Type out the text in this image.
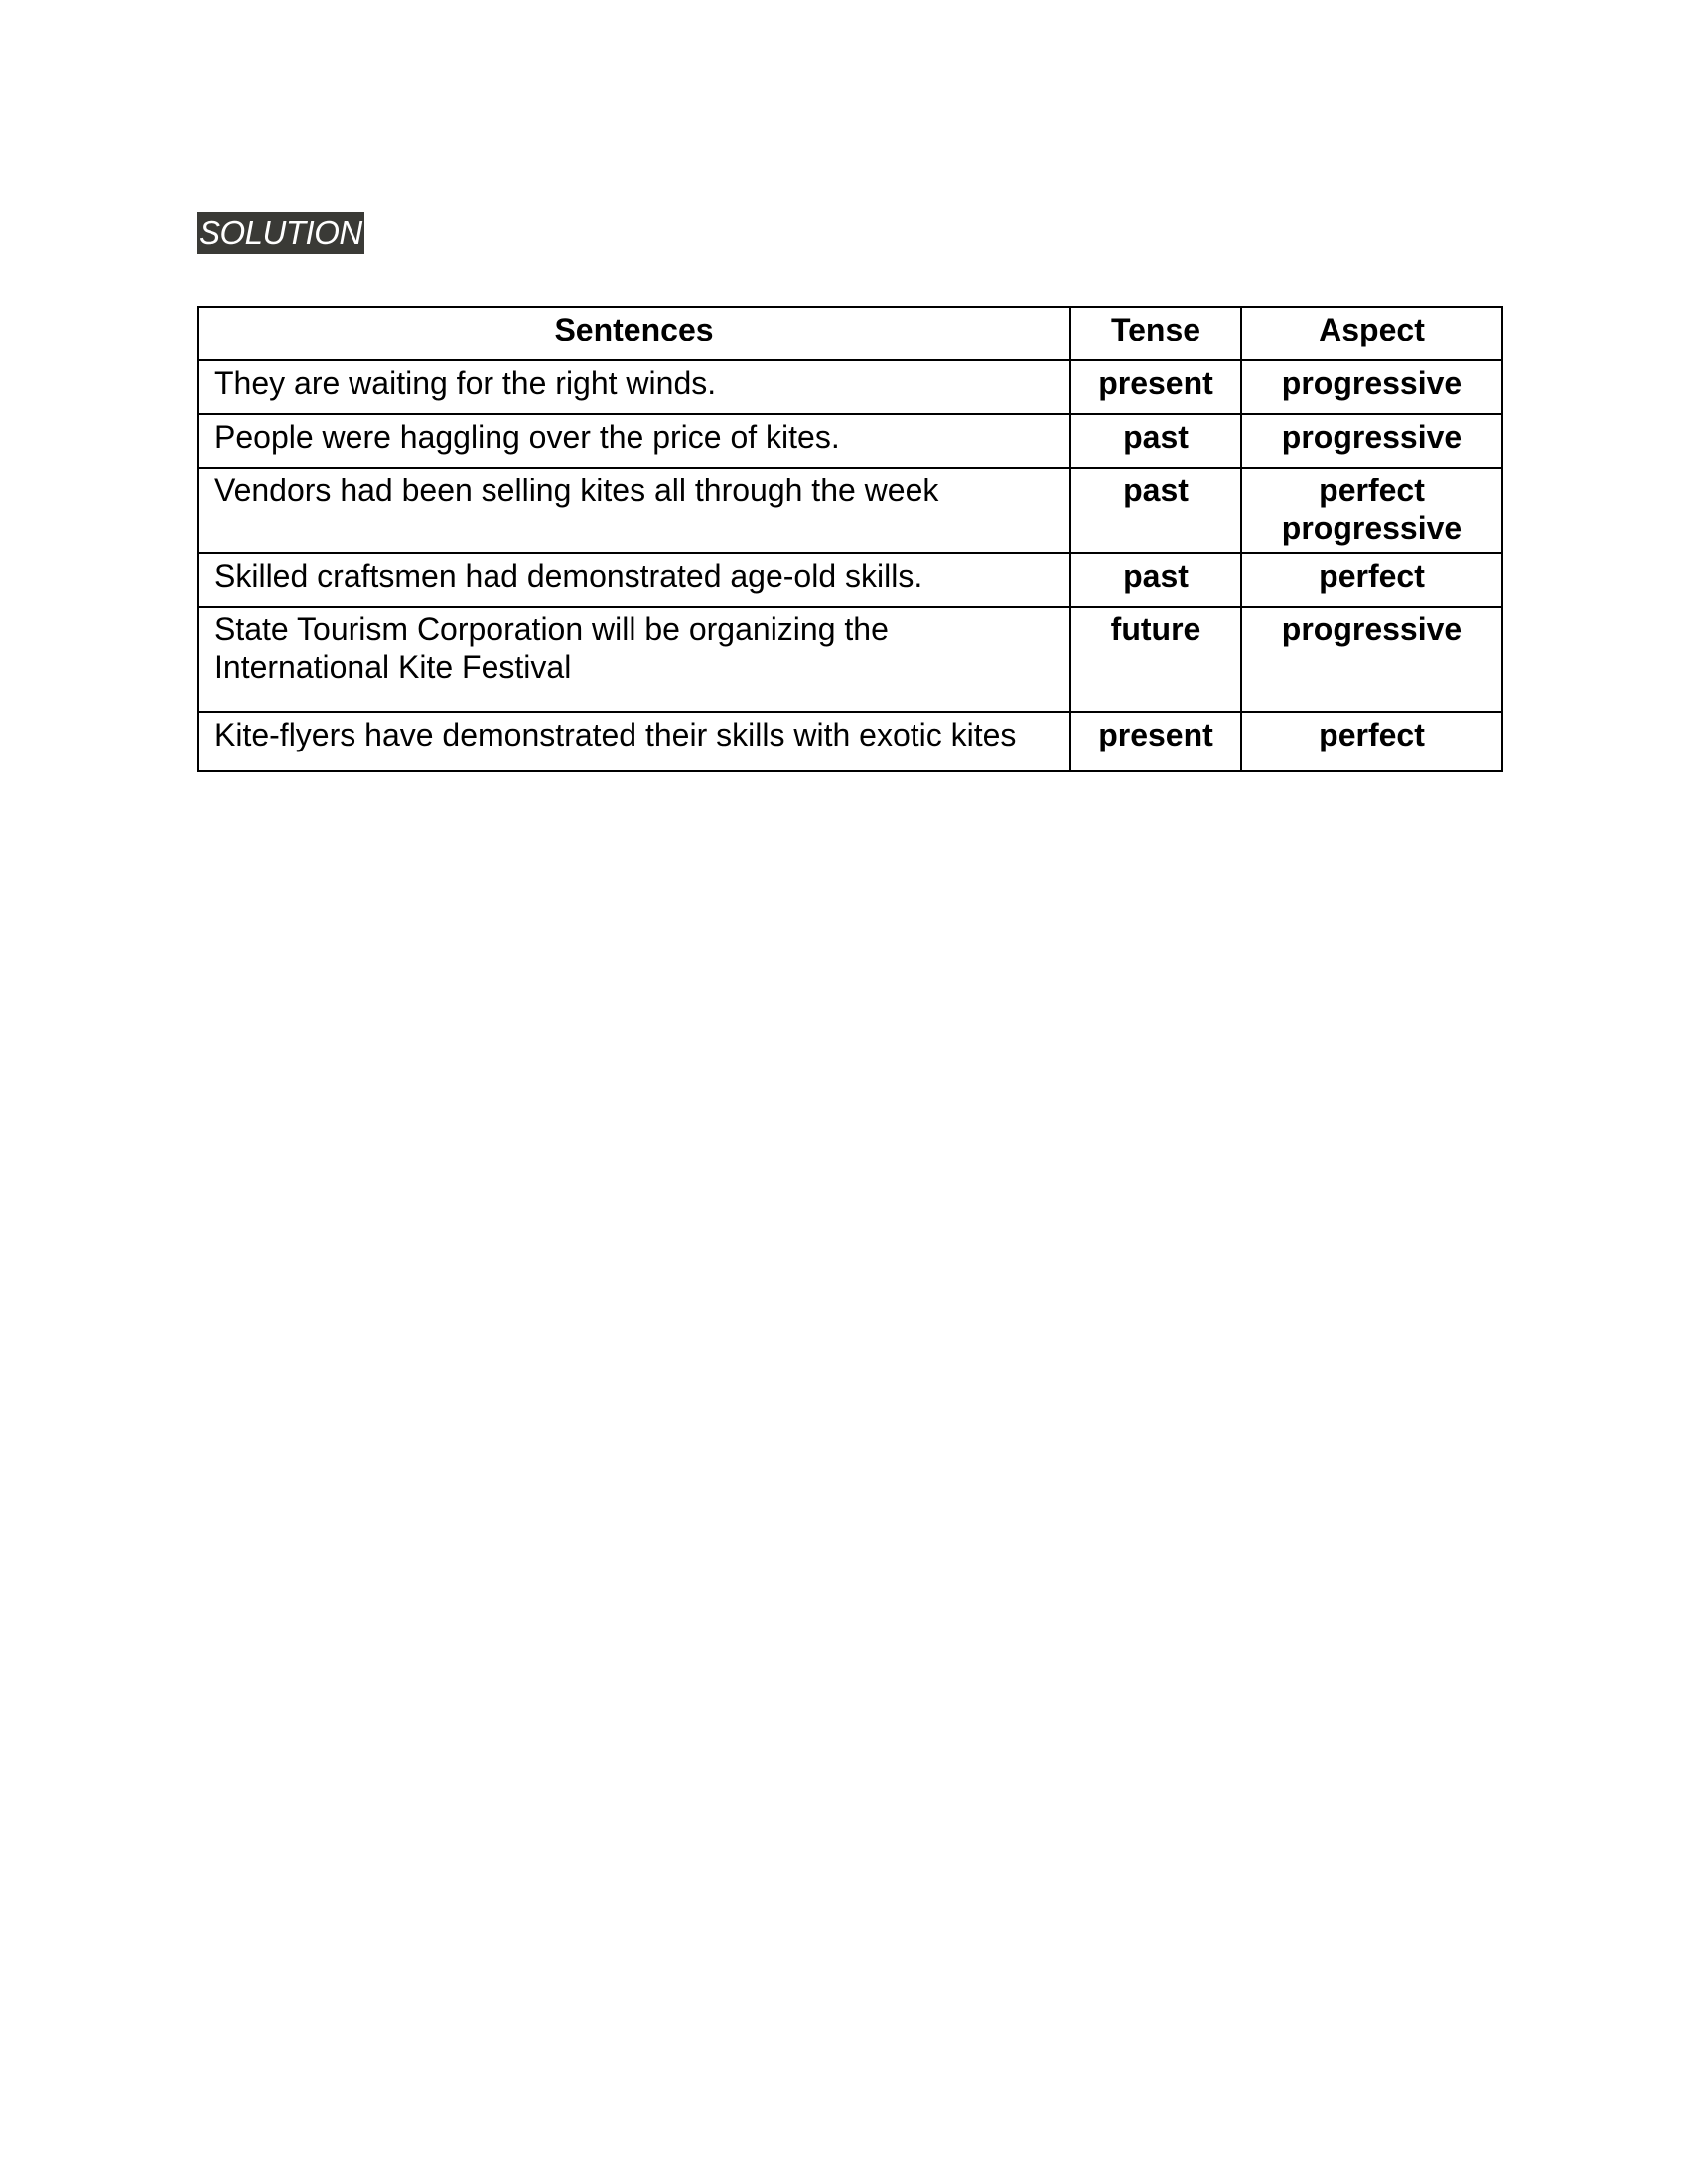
SOLUTION
Sentences	Tense	Aspect
They are waiting for the right winds.	present	progressive
People were haggling over the price of kites.	past	progressive
Vendors had been selling kites all through the week	past	perfect progressive
Skilled craftsmen had demonstrated age-old skills.	past	perfect
State Tourism Corporation will be organizing the International Kite Festival	future	progressive
Kite-flyers have demonstrated their skills with exotic kites	present	perfect
